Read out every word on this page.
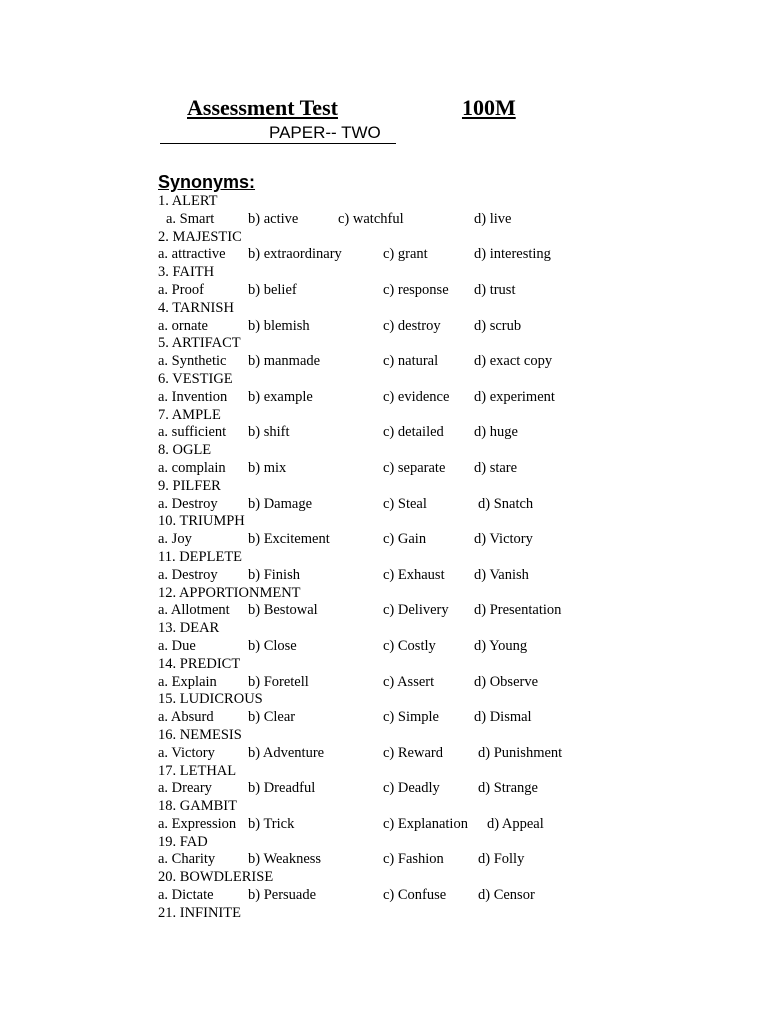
Assessment Test	100M
PAPER-- TWO
Synonyms:
1. ALERT
a. Smart b) active	c) watchful	d) live
2. MAJESTIC
a. attractive b) extraordinary	c) grant	d) interesting
3. FAITH
a. Proof	b) belief	c) response d) trust
4. TARNISH
a. ornate	b) blemish	c) destroy d) scrub
5. ARTIFACT
a. Synthetic b) manmade	c) natural d) exact copy
6. VESTIGE
a. Invention b) example	c) evidence d) experiment
7. AMPLE
a. sufficient b) shift	c) detailed d) huge
8. OGLE
a. complain b) mix	c) separate d) stare
9. PILFER
a. Destroy b) Damage	c) Steal	d) Snatch
10. TRIUMPH
a. Joy	b) Excitement	c) Gain	d) Victory
11. DEPLETE
a. Destroy b) Finish	c) Exhaust d) Vanish
12. APPORTIONMENT
a. Allotment b) Bestowal	c) Delivery d) Presentation
13. DEAR
a. Due	b) Close	c) Costly	d) Young
14. PREDICT
a. Explain b) Foretell	c) Assert	d) Observe
15. LUDICROUS
a. Absurd b) Clear	c) Simple d) Dismal
16. NEMESIS
a. Victory b) Adventure	c) Reward d) Punishment
17. LETHAL
a. Dreary b) Dreadful	c) Deadly	d) Strange
18. GAMBIT
a. Expression b) Trick	c) Explanation d) Appeal
19. FAD
a. Charity b) Weakness	c) Fashion d) Folly
20. BOWDLERISE
a. Dictate b) Persuade	c) Confuse d) Censor
21. INFINITE
